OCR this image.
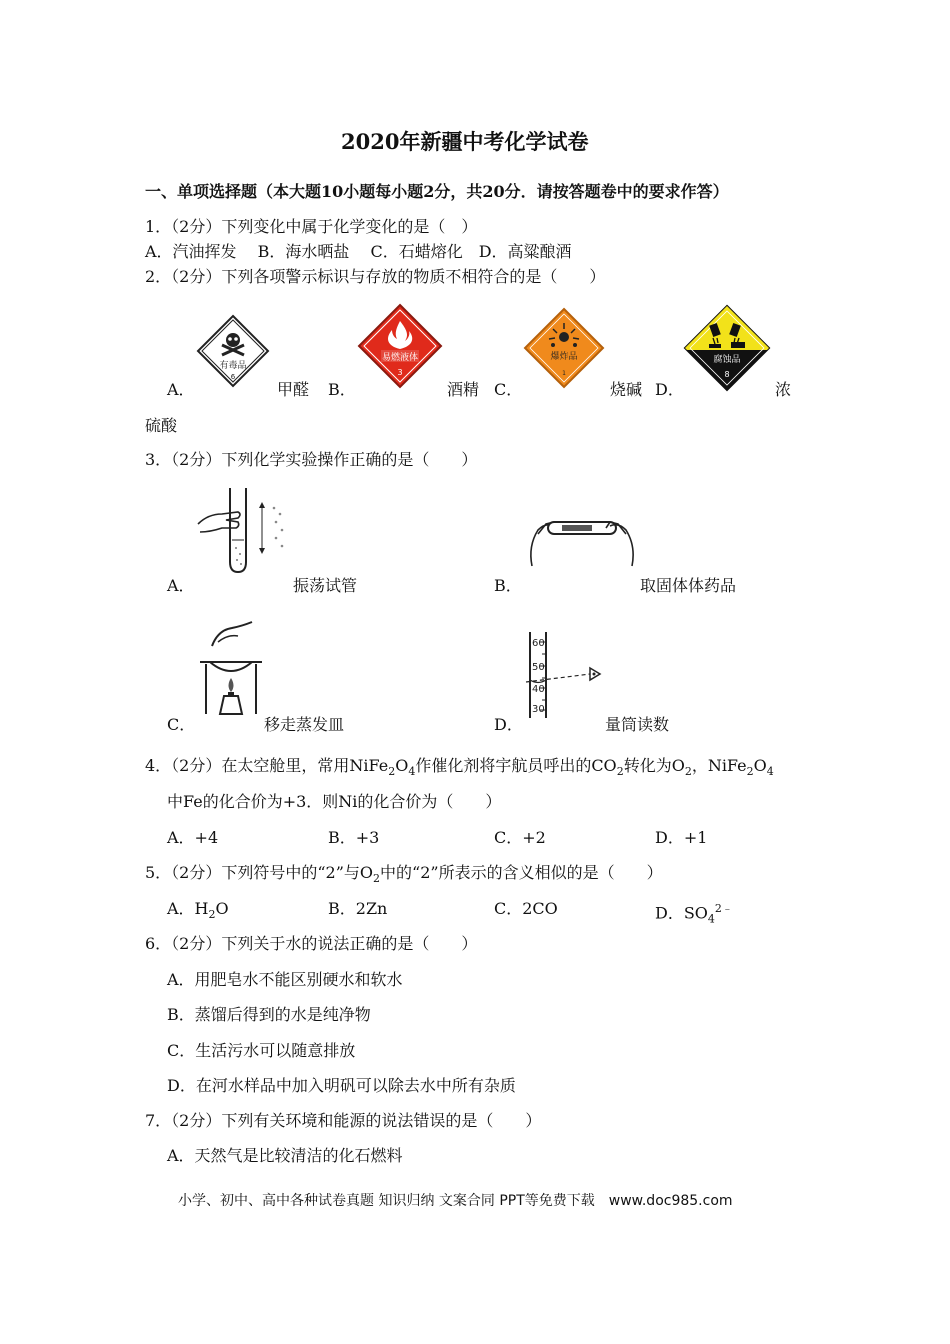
2020年新疆中考化学试卷
一、单项选择题（本大题10小题每小题2分，共20分．请按答题卷中的要求作答）
1．（2分）下列变化中属于化学变化的是（　）
A．汽油挥发　 B．海水晒盐　 C．石蜡熔化　D．高粱酿酒
2．（2分）下列各项警示标识与存放的物质不相符合的是（　　）
有毒品
6
A．	甲醛
易燃液体
3
B．	酒精
爆炸品
1
C．	烧碱
腐蚀品
8
D．	浓
硫酸
3．（2分）下列化学实验操作正确的是（　　）
A．	振荡试管	B．	取固体体药品
C．	移走蒸发皿
60
50
40
30
D．	量筒读数
4．（2分）在太空舱里，常用$NiFe_2O_4$作催化剂将宇航员呼出的$CO_2$转化为$O_2$，$NiFe_2O_4$
中Fe的化合价为+3．则Ni的化合价为（　　）
A．+4	B．+3	C．+2	D．+1
5．（2分）下列符号中的“2”与$O_2$中的“2”所表示的含义相似的是（　　）
A．$H_2O$	B．2Zn	C．2CO	D．$SO_4^{2﹣}$
6．（2分）下列关于水的说法正确的是（　　）
A．用肥皂水不能区别硬水和软水
B．蒸馏后得到的水是纯净物
C．生活污水可以随意排放
D．在河水样品中加入明矾可以除去水中所有杂质
7．（2分）下列有关环境和能源的说法错误的是（　　）
A．天然气是比较清洁的化石燃料
小学、初中、高中各种试卷真题 知识归纳 文案合同 PPT等免费下载　www.doc985.com
